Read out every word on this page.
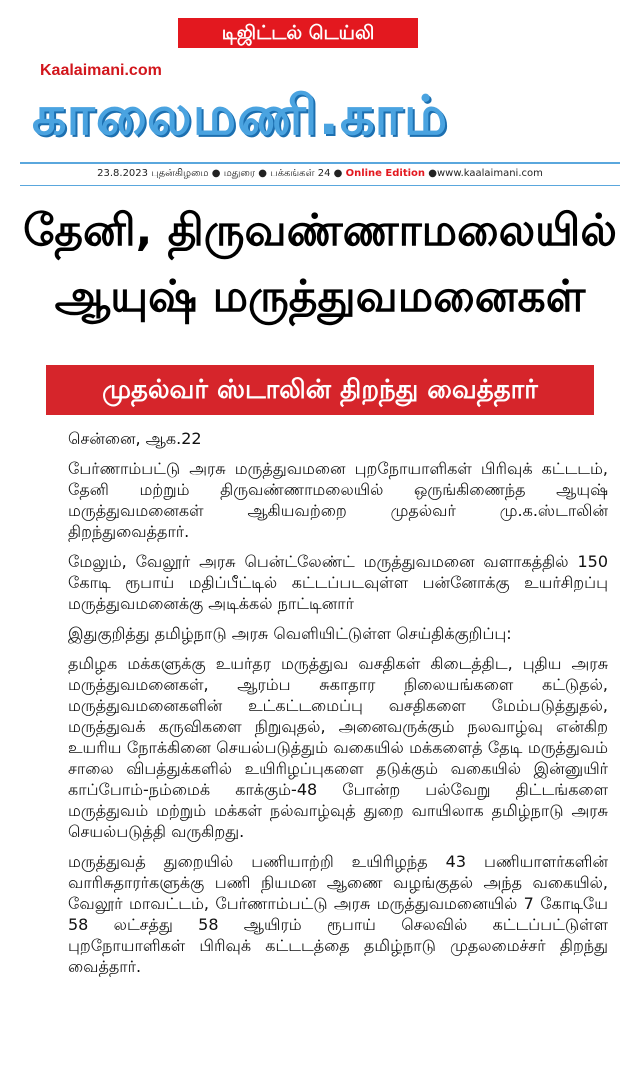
டிஜிட்டல் டெய்லி
Kaalaimani.com
காலைமணி.காம்
23.8.2023 புதன்கிழமை ● மதுரை ● பக்கங்கள் 24 ● Online Edition ●www.kaalaimani.com
தேனி, திருவண்ணாமலையில்
ஆயுஷ் மருத்துவமனைகள்
முதல்வர் ஸ்டாலின் திறந்து வைத்தார்

சென்னை, ஆக.22

பேர்ணாம்பட்டு அரசு மருத்துவமனை புறநோயாளிகள் பிரிவுக் கட்டடம், தேனி மற்றும் திருவண்ணாமலையில் ஒருங்கிணைந்த ஆயுஷ் மருத்துவமனைகள் ஆகியவற்றை முதல்வர் மு.க.ஸ்டாலின் திறந்துவைத்தார்.

மேலும், வேலூர் அரசு பென்ட்லேண்ட் மருத்துவமனை வளாகத்தில் 150 கோடி ரூபாய் மதிப்பீட்டில் கட்டப்படவுள்ள பன்னோக்கு உயர்சிறப்பு மருத்துவமனைக்கு அடிக்கல் நாட்டினார்

இதுகுறித்து தமிழ்நாடு அரசு வெளியிட்டுள்ள செய்திக்குறிப்பு:

தமிழக மக்களுக்கு உயர்தர மருத்துவ வசதிகள் கிடைத்திட, புதிய அரசு மருத்துவமனைகள், ஆரம்ப சுகாதார நிலையங்களை கட்டுதல், மருத்துவமனைகளின் உட்கட்டமைப்பு வசதிகளை மேம்படுத்துதல், மருத்துவக் கருவிகளை நிறுவுதல், அனைவருக்கும் நலவாழ்வு என்கிற உயரிய நோக்கினை செயல்படுத்தும் வகையில் மக்களைத் தேடி மருத்துவம் சாலை விபத்துக்களில் உயிரிழப்புகளை தடுக்கும் வகையில் இன்னுயிர் காப்போம்-நம்மைக் காக்கும்-48 போன்ற பல்வேறு திட்டங்களை மருத்துவம் மற்றும் மக்கள் நல்வாழ்வுத் துறை வாயிலாக தமிழ்நாடு அரசு செயல்படுத்தி வருகிறது.

மருத்துவத் துறையில் பணியாற்றி உயிரிழந்த 43 பணியாளர்களின் வாரிசுதாரர்களுக்கு பணி நியமன ஆணை வழங்குதல் அந்த வகையில், வேலூர் மாவட்டம், பேர்ணாம்பட்டு அரசு மருத்துவமனையில் 7 கோடியே 58 லட்சத்து 58 ஆயிரம் ரூபாய் செலவில் கட்டப்பட்டுள்ள புறநோயாளிகள் பிரிவுக் கட்டடத்தை தமிழ்நாடு முதலமைச்சர் திறந்து வைத்தார்.
